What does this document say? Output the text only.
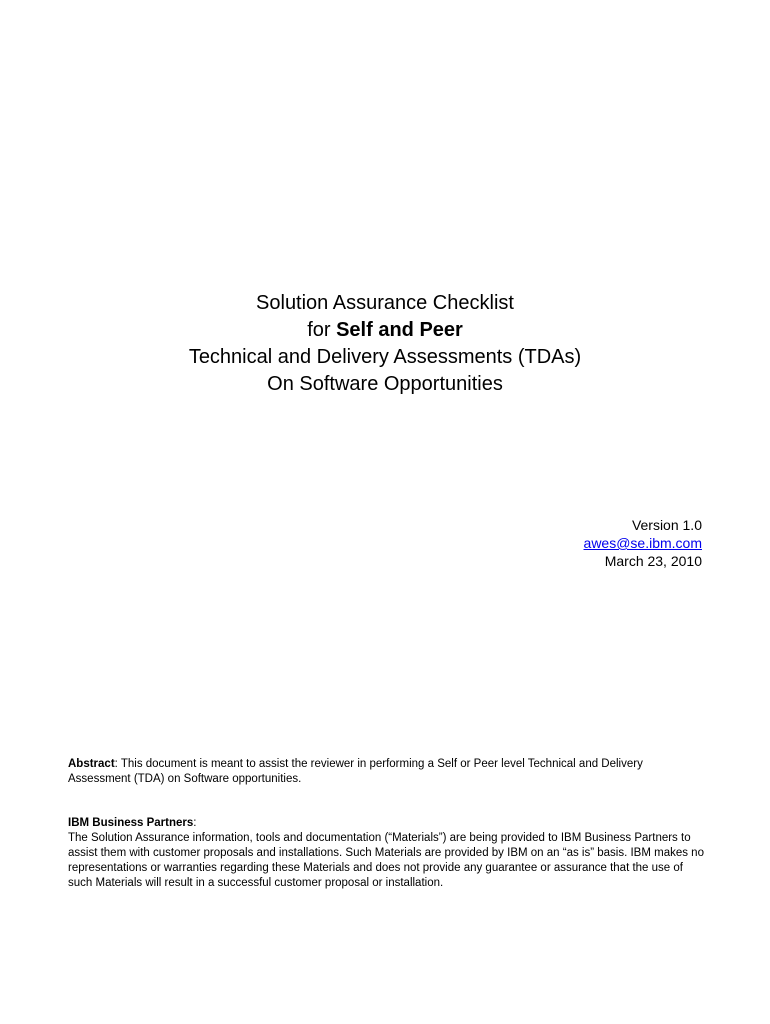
Solution Assurance Checklist
for Self and Peer
Technical and Delivery Assessments (TDAs)
On Software Opportunities
Version 1.0
awes@se.ibm.com
March 23, 2010
Abstract: This document is meant to assist the reviewer in performing a Self or Peer level Technical and Delivery Assessment (TDA) on Software opportunities.

IBM Business Partners:

The Solution Assurance information, tools and documentation (“Materials”) are being provided to IBM Business Partners to assist them with customer proposals and installations. Such Materials are provided by IBM on an “as is” basis. IBM makes no representations or warranties regarding these Materials and does not provide any guarantee or assurance that the use of such Materials will result in a successful customer proposal or installation.
